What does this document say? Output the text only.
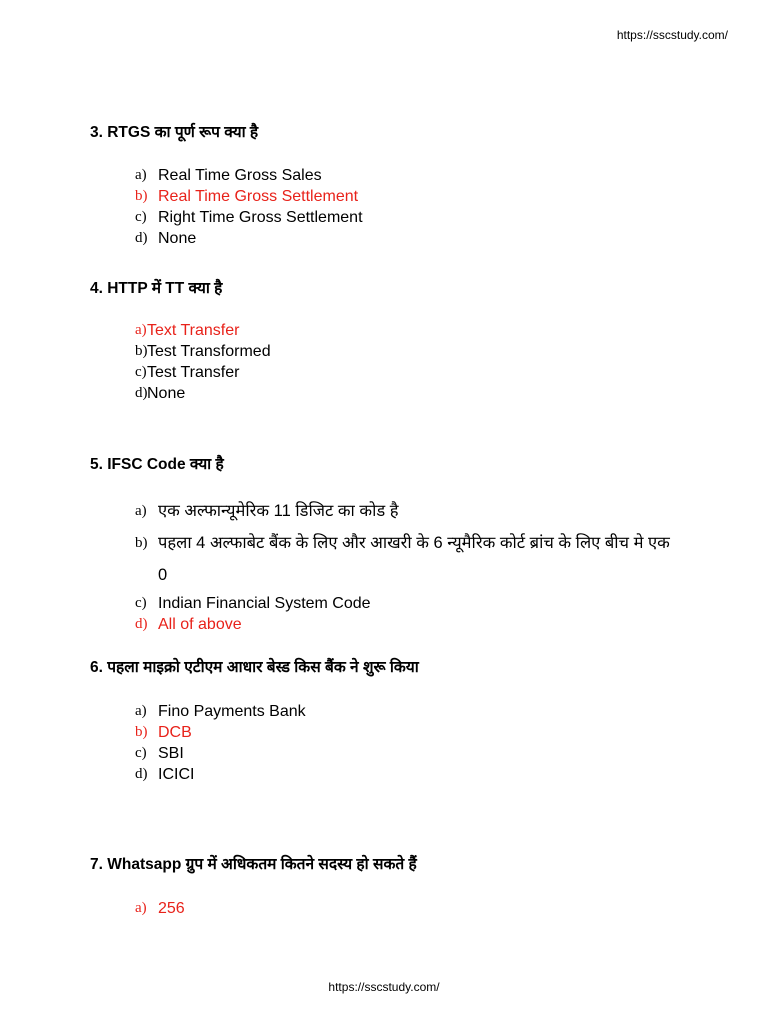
https://sscstudy.com/
3. RTGS का पूर्ण रूप क्या है
a) Real Time Gross Sales
b) Real Time Gross Settlement
c) Right Time Gross Settlement
d) None
4. HTTP में TT क्या है
a) Text Transfer
b) Test Transformed
c) Test Transfer
d) None
5. IFSC Code क्या है
a) एक अल्फान्यूमेरिक 11 डिजिट का कोड है
b) पहला 4 अल्फाबेट बैंक के लिए और आखरी के 6 न्यूमैरिक कोर्ट ब्रांच के लिए बीच मे एक 0
c) Indian Financial System Code
d) All of above
6. पहला माइक्रो एटीएम आधार बेस्ड किस बैंक ने शुरू किया
a) Fino Payments Bank
b) DCB
c) SBI
d) ICICI
7. Whatsapp ग्रुप में अधिकतम कितने सदस्य हो सकते हैं
a) 256
https://sscstudy.com/
